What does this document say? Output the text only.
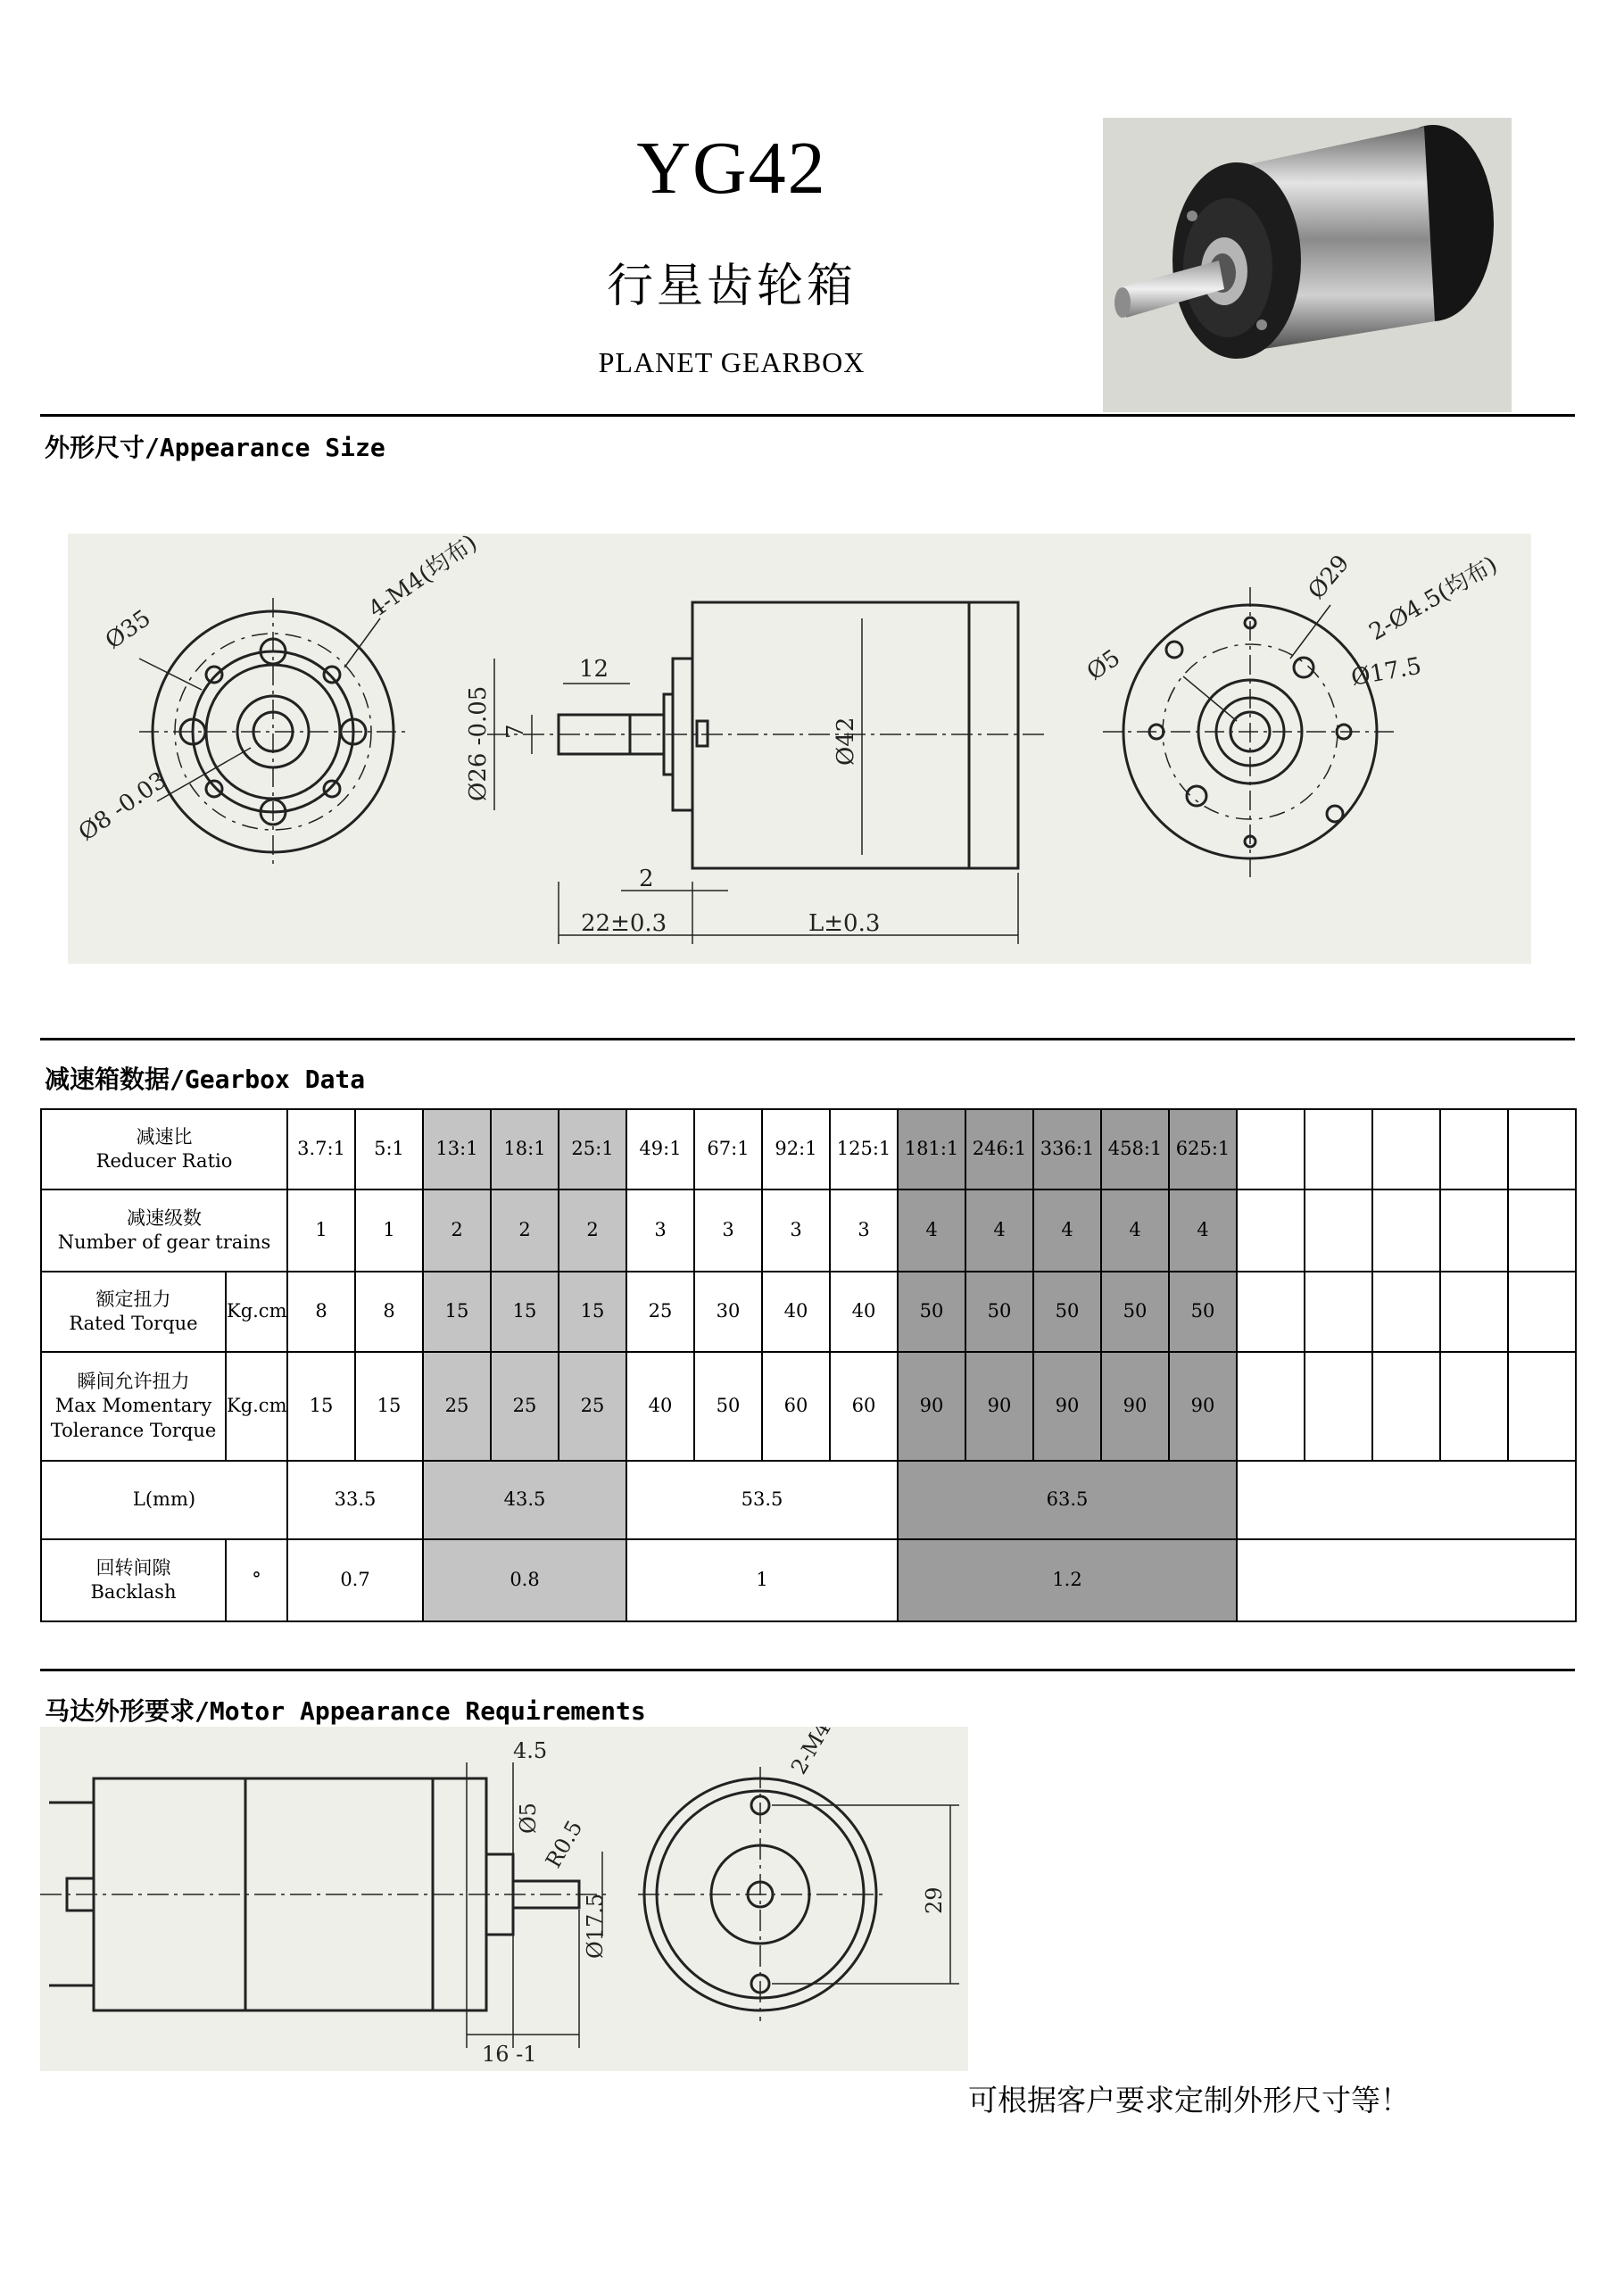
YG42
行星齿轮箱
PLANET GEARBOX
外形尺寸/Appearance Size
Ø35
4-M4(均布)
Ø8 -0.03
12
7
Ø26 -0.05	Ø42
2
22±0.3	L±0.3
Ø29 2-Ø4.5(均布)
Ø5	Ø17.5
减速箱数据/Gearbox Data
减速比
Reducer Ratio		3.7:1	5:1	13:1	18:1	25:1	49:1	67:1	92:1	125:1	181:1	246:1	336:1	458:1	625:1					
减速级数
Number of gear trains		1	1	2	2	2	3	3	3	3	4	4	4	4	4					
额定扭力
Rated Torque	Kg.cm	8	8	15	15	15	25	30	40	40	50	50	50	50	50					
瞬间允许扭力
Max Momentary
Tolerance Torque	Kg.cm	15	15	25	25	25	40	50	60	60	90	90	90	90	90					
L(mm)		33.5		43.5			53.5				63.5									
回转间隙
Backlash	°	0.7		0.8			1				1.2									
马达外形要求/Motor Appearance Requirements
4.5
Ø5 R0.5
Ø17.5
16 -1
2-M4
29
可根据客户要求定制外形尺寸等！
